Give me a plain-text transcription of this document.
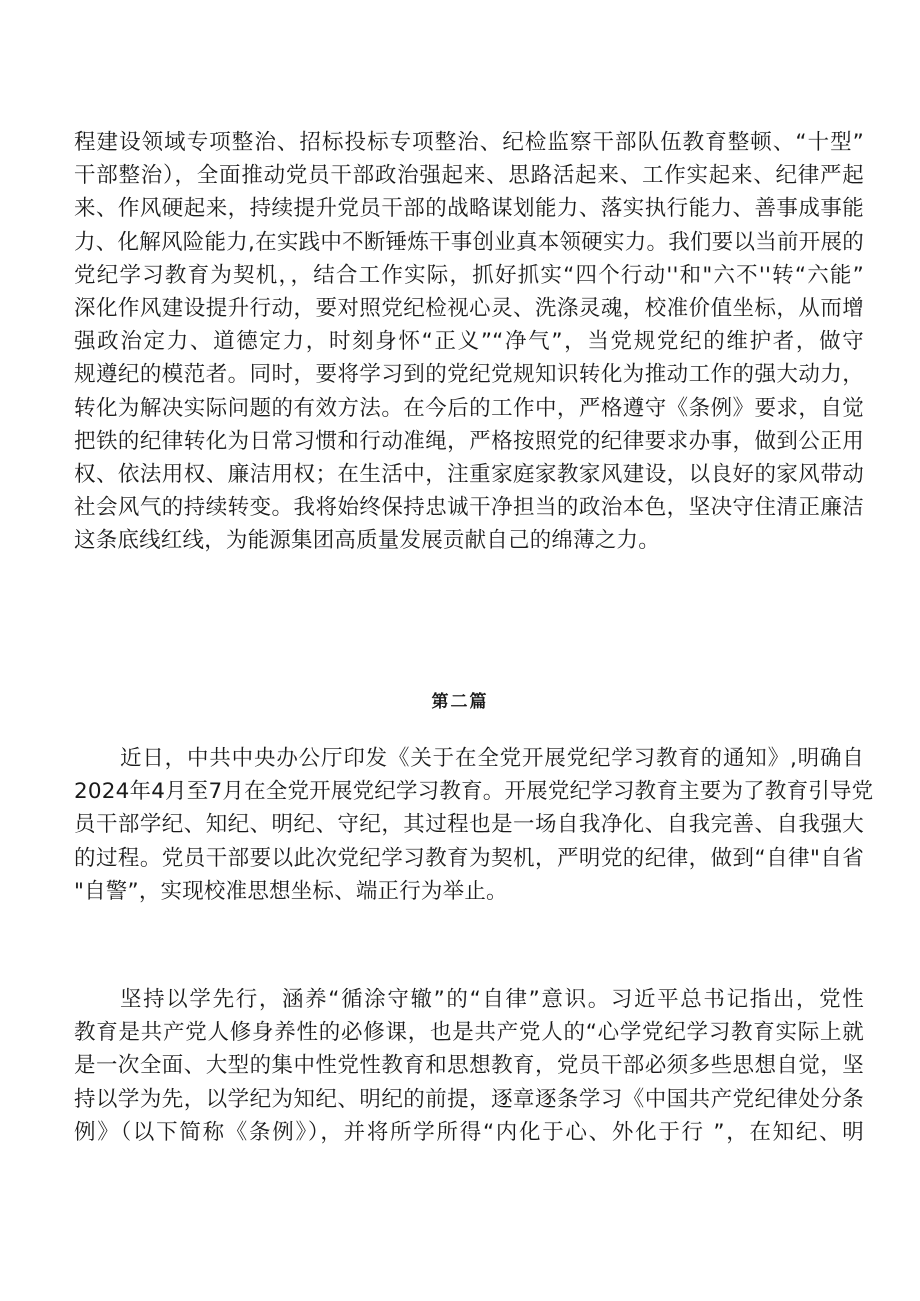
程建设领域专项整治、招标投标专项整治、纪检监察干部队伍教育整顿、“十型”
干部整治），全面推动党员干部政治强起来、思路活起来、工作实起来、纪律严起
来、作风硬起来，持续提升党员干部的战略谋划能力、落实执行能力、善事成事能
力、化解风险能力,在实践中不断锤炼干事创业真本领硬实力。我们要以当前开展的
党纪学习教育为契机，，结合工作实际，抓好抓实“四个行动''和"六不''转“六能”
深化作风建设提升行动，要对照党纪检视心灵、洗涤灵魂，校准价值坐标，从而增
强政治定力、道德定力，时刻身怀“正义”“净气”，当党规党纪的维护者，做守
规遵纪的模范者。同时，要将学习到的党纪党规知识转化为推动工作的强大动力，
转化为解决实际问题的有效方法。在今后的工作中，严格遵守《条例》要求，自觉
把铁的纪律转化为日常习惯和行动准绳，严格按照党的纪律要求办事，做到公正用
权、依法用权、廉洁用权；在生活中，注重家庭家教家风建设，以良好的家风带动
社会风气的持续转变。我将始终保持忠诚干净担当的政治本色，坚决守住清正廉洁
这条底线红线，为能源集团高质量发展贡献自己的绵薄之力。
第二篇
近日，中共中央办公厅印发《关于在全党开展党纪学习教育的通知》,明确自
2024年4月至7月在全党开展党纪学习教育。开展党纪学习教育主要为了教育引导党
员干部学纪、知纪、明纪、守纪，其过程也是一场自我净化、自我完善、自我强大
的过程。党员干部要以此次党纪学习教育为契机，严明党的纪律，做到“自律"自省
"自警”，实现校准思想坐标、端正行为举止。
坚持以学先行，涵养“循涂守辙”的“自律”意识。习近平总书记指出，党性
教育是共产党人修身养性的必修课，也是共产党人的“心学党纪学习教育实际上就
是一次全面、大型的集中性党性教育和思想教育，党员干部必须多些思想自觉，坚
持以学为先，以学纪为知纪、明纪的前提，逐章逐条学习《中国共产党纪律处分条
例》（以下简称《条例》），并将所学所得“内化于心、外化于行 ”，在知纪、明
